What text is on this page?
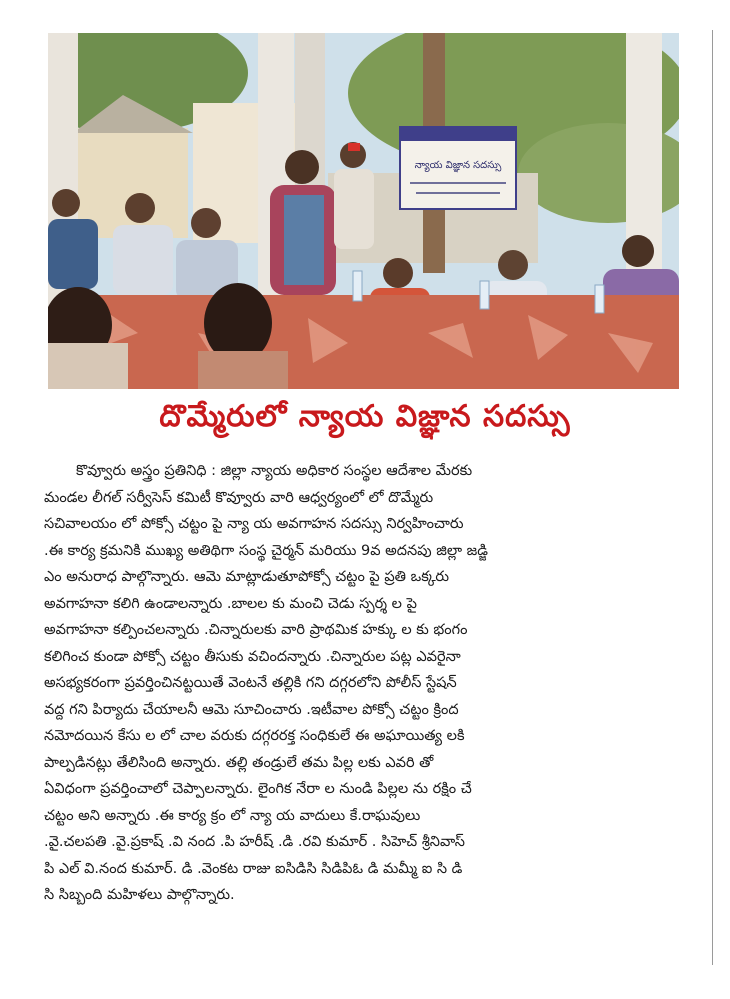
న్యాయ విజ్ఞాన సదస్సు
దొమ్మేరులో న్యాయ విజ్ఞాన సదస్సు
కొవ్వూరు అస్త్రం ప్రతినిధి : జిల్లా న్యాయ అధికార సంస్థల ఆదేశాల మేరకు
మండల లీగల్ సర్వీసెస్ కమిటీ కొవ్వూరు వారి ఆధ్వర్యంలో లో దొమ్మేరు
సచివాలయం లో పోక్సో చట్టం పై న్యా య అవగాహన సదస్సు నిర్వహించారు
.ఈ కార్య క్రమనికి ముఖ్య అతిథిగా సంస్థ చైర్మన్ మరియు 9వ అదనపు జిల్లా జడ్జి
ఎం అనురాధ పాల్గొన్నారు. ఆమె మాట్లాడుతూపోక్సో చట్టం పై ప్రతి ఒక్కరు
అవగాహనా కలిగి ఉండాలన్నారు .బాలల కు మంచి చెడు స్పర్శ ల పై
అవగాహనా కల్పించలన్నారు .చిన్నారులకు వారి ప్రాథమిక హక్కు ల కు భంగం
కలిగించ కుండా పోక్సో చట్టం తీసుకు వచిందన్నారు .చిన్నారుల పట్ల ఎవరైనా
అసభ్యకరంగా ప్రవర్తించినట్టయితే వెంటనే తల్లికి గని దగ్గరలోని పోలీస్ స్టేషన్
వద్ద గని పిర్యాదు చేయాలనీ ఆమె సూచించారు .ఇటీవాల పోక్సో చట్టం క్రింద
నమోదయిన కేసు ల లో చాల వరుకు దగ్గరరక్త సంధికులే ఈ అఘాయిత్య లకి
పాల్పడినట్లు తేలిసింది అన్నారు. తల్లి తండ్రులే తమ పిల్ల లకు ఎవరి తో
ఏవిధంగా ప్రవర్తించాలో చెప్పాలన్నారు. లైంగిక నేరా ల నుండి పిల్లల ను రక్షిం చే
చట్టం అని అన్నారు .ఈ కార్య క్రం లో న్యా య వాదులు కే.రాఘవులు
.వై.చలపతి .వై.ప్రకాష్ .వి నంద .పి హరీష్ .డి .రవి కుమార్ . సిహెచ్ శ్రీనివాస్
పి ఎల్ వి.నంద కుమార్. డి .వెంకట రాజు ఐసిడిసి సిడిపిఓ డి మమ్మీ ఐ సి డి
సి సిబ్బంది మహిళలు పాల్గొన్నారు.
